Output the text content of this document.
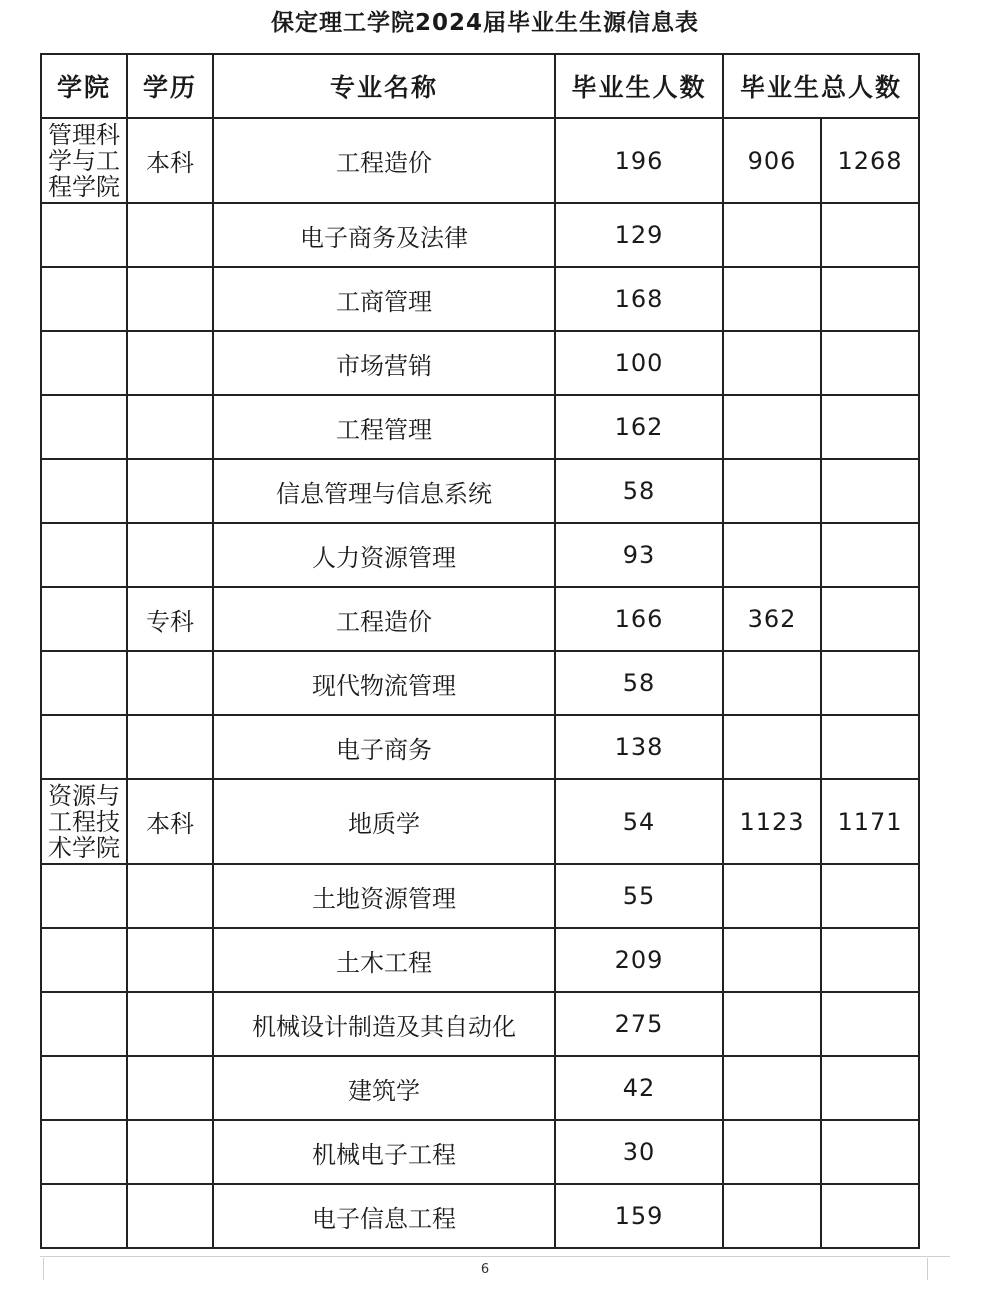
保定理工学院2024届毕业生生源信息表
学院	学历	专业名称	毕业生人数	毕业生总人数	
管理科学与工程学院	本科	工程造价	196	906	1268
		电子商务及法律	129		
		工商管理	168		
		市场营销	100		
		工程管理	162		
		信息管理与信息系统	58		
		人力资源管理	93		
	专科	工程造价	166	362	
		现代物流管理	58		
		电子商务	138		
资源与工程技术学院	本科	地质学	54	1123	1171
		土地资源管理	55		
		土木工程	209		
		机械设计制造及其自动化	275		
		建筑学	42		
		机械电子工程	30		
		电子信息工程	159		
6
